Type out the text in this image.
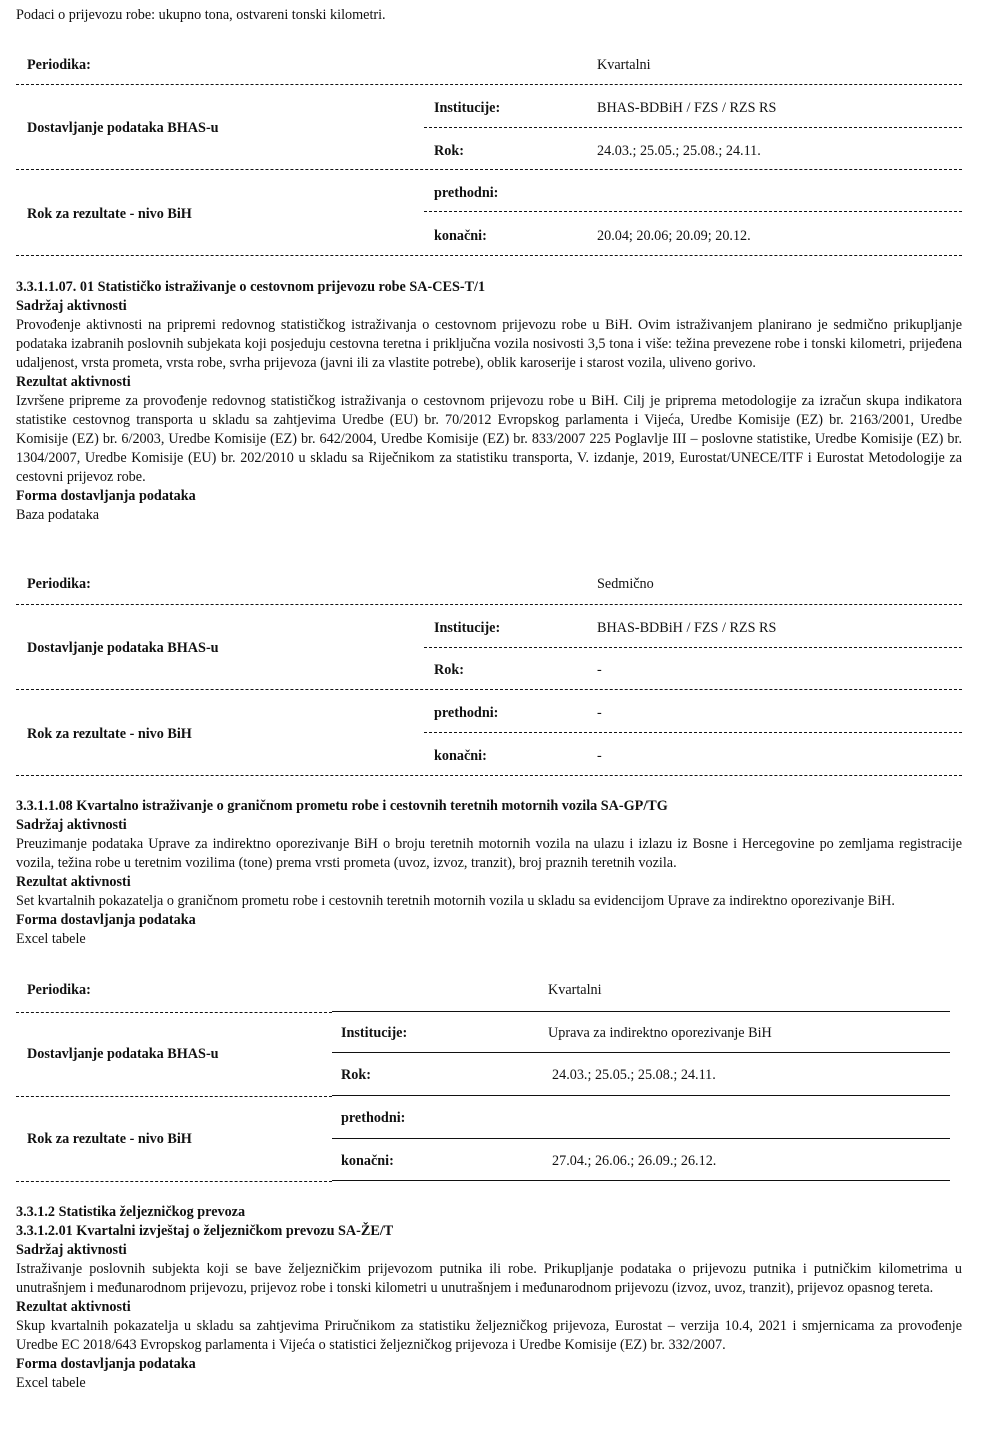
Podaci o prijevozu robe: ukupno tona, ostvareni tonski kilometri.
Periodika:	Kvartalni
Dostavljanje podataka BHAS-u
Institucije:	BHAS-BDBiH / FZS / RZS RS
Rok:	24.03.; 25.05.; 25.08.; 24.11.
Rok za rezultate - nivo BiH
prethodni:
konačni:	20.04; 20.06; 20.09; 20.12.

3.3.1.1.07. 01 Statističko istraživanje o cestovnom prijevozu robe SA-CES-T/1

Sadržaj aktivnosti

Provođenje aktivnosti na pripremi redovnog statističkog istraživanja o cestovnom prijevozu robe u BiH. Ovim istraživanjem planirano je sedmično prikupljanje podataka izabranih poslovnih subjekata koji posjeduju cestovna teretna i priključna vozila nosivosti 3,5 tona i više: težina prevezene robe i tonski kilometri, prijeđena udaljenost, vrsta prometa, vrsta robe, svrha prijevoza (javni ili za vlastite potrebe), oblik karoserije i starost vozila, uliveno gorivo.

Rezultat aktivnosti

Izvršene pripreme za provođenje redovnog statističkog istraživanja o cestovnom prijevozu robe u BiH. Cilj je priprema metodologije za izračun skupa indikatora statistike cestovnog transporta u skladu sa zahtjevima Uredbe (EU) br. 70/2012 Evropskog parlamenta i Vijeća, Uredbe Komisije (EZ) br. 2163/2001, Uredbe Komisije (EZ) br. 6/2003, Uredbe Komisije (EZ) br. 642/2004, Uredbe Komisije (EZ) br. 833/2007 225 Poglavlje III – poslovne statistike, Uredbe Komisije (EZ) br. 1304/2007, Uredbe Komisije (EU) br. 202/2010 u skladu sa Riječnikom za statistiku transporta, V. izdanje, 2019, Eurostat/UNECE/ITF i Eurostat Metodologije za cestovni prijevoz robe.

Forma dostavljanja podataka

Baza podataka

Periodika:	Sedmično
Dostavljanje podataka BHAS-u
Institucije:	BHAS-BDBiH / FZS / RZS RS
Rok:	-
Rok za rezultate - nivo BiH
prethodni:	-
konačni:	-

3.3.1.1.08 Kvartalno istraživanje o graničnom prometu robe i cestovnih teretnih motornih vozila SA-GP/TG

Sadržaj aktivnosti

Preuzimanje podataka Uprave za indirektno oporezivanje BiH o broju teretnih motornih vozila na ulazu i izlazu iz Bosne i Hercegovine po zemljama registracije vozila, težina robe u teretnim vozilima (tone) prema vrsti prometa (uvoz, izvoz, tranzit), broj praznih teretnih vozila.

Rezultat aktivnosti

Set kvartalnih pokazatelja o graničnom prometu robe i cestovnih teretnih motornih vozila u skladu sa evidencijom Uprave za indirektno oporezivanje BiH.

Forma dostavljanja podataka

Excel tabele

Periodika:	Kvartalni
Dostavljanje podataka BHAS-u
Institucije:	Uprava za indirektno oporezivanje BiH
Rok:	24.03.; 25.05.; 25.08.; 24.11.
Rok za rezultate - nivo BiH
prethodni:
konačni:	27.04.; 26.06.; 26.09.; 26.12.

3.3.1.2 Statistika željezničkog prevoza

3.3.1.2.01 Kvartalni izvještaj o željezničkom prevozu SA-ŽE/T

Sadržaj aktivnosti

Istraživanje poslovnih subjekta koji se bave željezničkim prijevozom putnika ili robe. Prikupljanje podataka o prijevozu putnika i putničkim kilometrima u unutrašnjem i međunarodnom prijevozu, prijevoz robe i tonski kilometri u unutrašnjem i međunarodnom prijevozu (izvoz, uvoz, tranzit), prijevoz opasnog tereta.

Rezultat aktivnosti

Skup kvartalnih pokazatelja u skladu sa zahtjevima Priručnikom za statistiku željezničkog prijevoza, Eurostat – verzija 10.4, 2021 i smjernicama za provođenje Uredbe EC 2018/643 Evropskog parlamenta i Vijeća o statistici željezničkog prijevoza i Uredbe Komisije (EZ) br. 332/2007.

Forma dostavljanja podataka

Excel tabele
